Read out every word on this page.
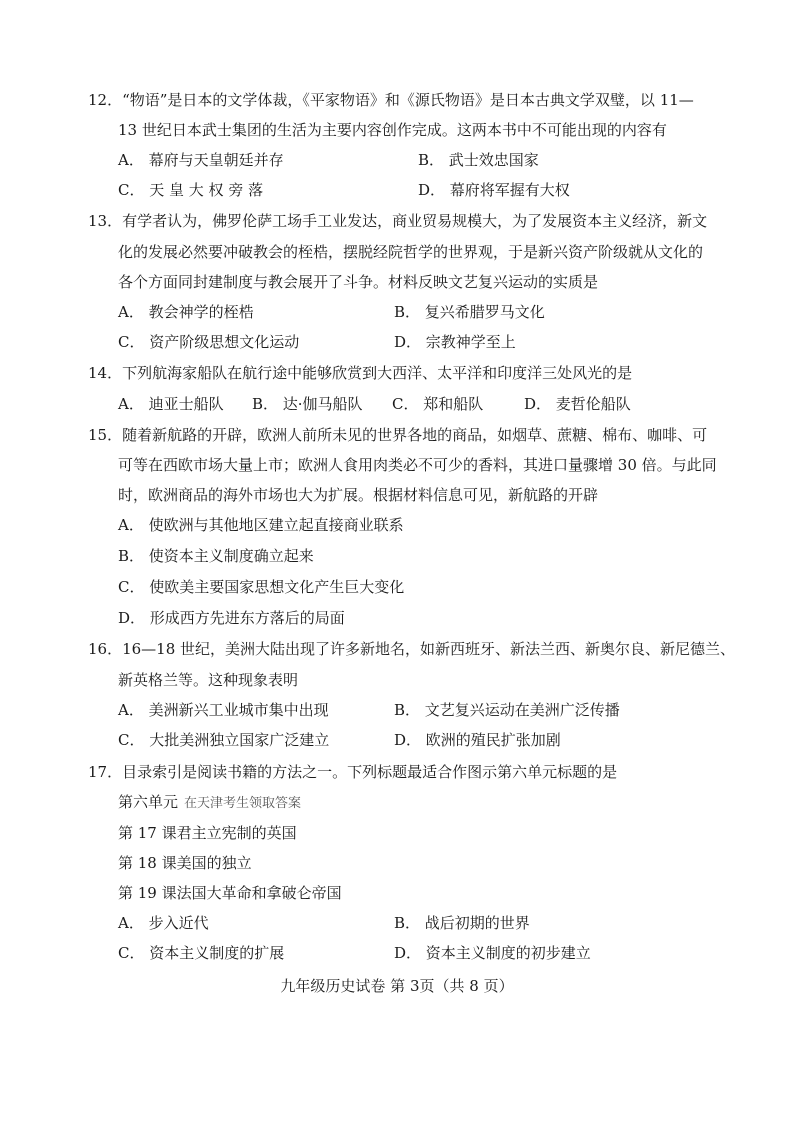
12．“物语”是日本的文学体裁，《平家物语》和《源氏物语》是日本古典文学双璧，以 11—
13 世纪日本武士集团的生活为主要内容创作完成。这两本书中不可能出现的内容有
A． 幕府与天皇朝廷并存	B． 武士效忠国家
C． 天 皇 大 权 旁 落	D． 幕府将军握有大权
13．有学者认为，佛罗伦萨工场手工业发达，商业贸易规模大，为了发展资本主义经济，新文
化的发展必然要冲破教会的桎梏，摆脱经院哲学的世界观，于是新兴资产阶级就从文化的
各个方面同封建制度与教会展开了斗争。材料反映文艺复兴运动的实质是
A． 教会神学的桎梏	B． 复兴希腊罗马文化
C． 资产阶级思想文化运动	D． 宗教神学至上
14．下列航海家船队在航行途中能够欣赏到大西洋、太平洋和印度洋三处风光的是
A． 迪亚士船队 B． 达·伽马船队 C． 郑和船队	D． 麦哲伦船队
15．随着新航路的开辟，欧洲人前所未见的世界各地的商品，如烟草、蔗糖、棉布、咖啡、可
可等在西欧市场大量上市；欧洲人食用肉类必不可少的香料，其进口量骤增 30 倍。与此同
时，欧洲商品的海外市场也大为扩展。根据材料信息可见，新航路的开辟
A． 使欧洲与其他地区建立起直接商业联系
B． 使资本主义制度确立起来
C． 使欧美主要国家思想文化产生巨大变化
D． 形成西方先进东方落后的局面
16．16—18 世纪，美洲大陆出现了许多新地名，如新西班牙、新法兰西、新奥尔良、新尼德兰、
新英格兰等。这种现象表明
A． 美洲新兴工业城市集中出现	B． 文艺复兴运动在美洲广泛传播
C． 大批美洲独立国家广泛建立	D． 欧洲的殖民扩张加剧
17．目录索引是阅读书籍的方法之一。下列标题最适合作图示第六单元标题的是
第六单元 在天津考生领取答案
第 17 课君主立宪制的英国
第 18 课美国的独立
第 19 课法国大革命和拿破仑帝国
A． 步入近代	B． 战后初期的世界
C． 资本主义制度的扩展	D． 资本主义制度的初步建立
九年级历史试卷 第 3页（共 8 页）
